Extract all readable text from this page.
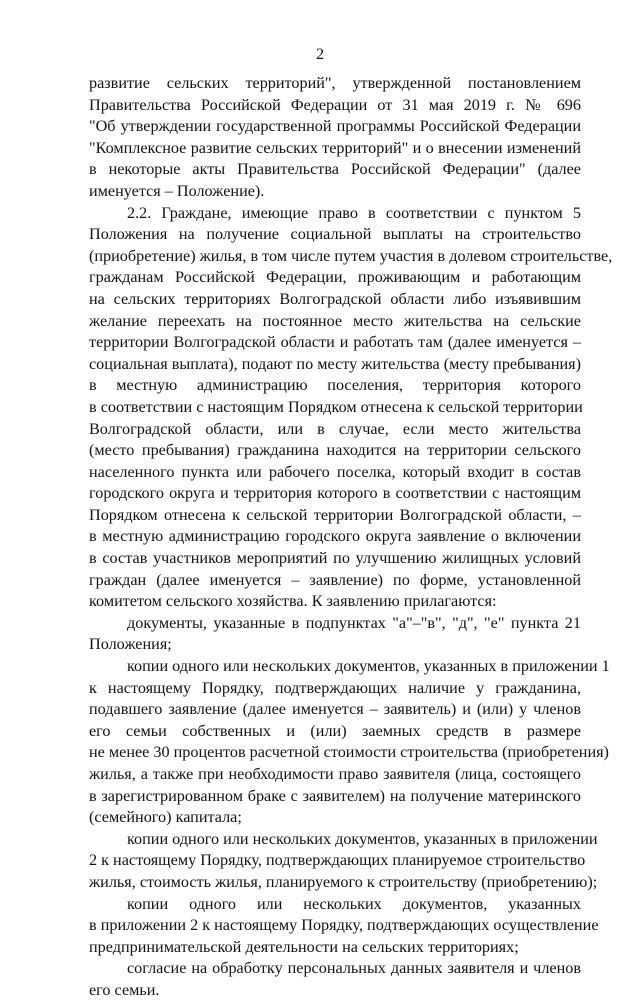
2
развитие сельских территорий", утвержденной постановлением
Правительства Российской Федерации от 31 мая 2019 г. № 696
"Об утверждении государственной программы Российской Федерации
"Комплексное развитие сельских территорий" и о внесении изменений
в некоторые акты Правительства Российской Федерации" (далее
именуется – Положение).
2.2. Граждане, имеющие право в соответствии с пунктом 5
Положения на получение социальной выплаты на строительство
(приобретение) жилья, в том числе путем участия в долевом строительстве,
гражданам Российской Федерации, проживающим и работающим
на сельских территориях Волгоградской области либо изъявившим
желание переехать на постоянное место жительства на сельские
территории Волгоградской области и работать там (далее именуется –
социальная выплата), подают по месту жительства (месту пребывания)
в местную администрацию поселения, территория которого
в соответствии с настоящим Порядком отнесена к сельской территории
Волгоградской области, или в случае, если место жительства
(место пребывания) гражданина находится на территории сельского
населенного пункта или рабочего поселка, который входит в состав
городского округа и территория которого в соответствии с настоящим
Порядком отнесена к сельской территории Волгоградской области, –
в местную администрацию городского округа заявление о включении
в состав участников мероприятий по улучшению жилищных условий
граждан (далее именуется – заявление) по форме, установленной
комитетом сельского хозяйства. К заявлению прилагаются:
документы, указанные в подпунктах "а"–"в", "д", "е" пункта 21
Положения;
копии одного или нескольких документов, указанных в приложении 1
к настоящему Порядку, подтверждающих наличие у гражданина,
подавшего заявление (далее именуется – заявитель) и (или) у членов
его семьи собственных и (или) заемных средств в размере
не менее 30 процентов расчетной стоимости строительства (приобретения)
жилья, а также при необходимости право заявителя (лица, состоящего
в зарегистрированном браке с заявителем) на получение материнского
(семейного) капитала;
копии одного или нескольких документов, указанных в приложении
2 к настоящему Порядку, подтверждающих планируемое строительство
жилья, стоимость жилья, планируемого к строительству (приобретению);
копии одного или нескольких документов, указанных
в приложении 2 к настоящему Порядку, подтверждающих осуществление
предпринимательской деятельности на сельских территориях;
согласие на обработку персональных данных заявителя и членов
его семьи.
